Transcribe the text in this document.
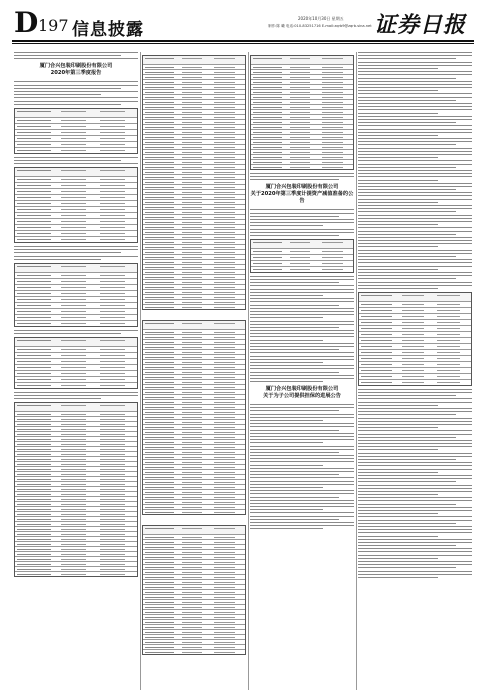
D 197 信息披露
2020年10月30日 星期五
制作:陈 曦 电话:010-83251716 E-mail:zqrb9@zqrb.sina.net 证券日报
厦门合兴包装印刷股份有限公司
2020年第三季度报告
厦门合兴包装印刷股份有限公司
关于2020年第三季度计提资产减值准备的公告
厦门合兴包装印刷股份有限公司
关于为子公司提供担保的进展公告
